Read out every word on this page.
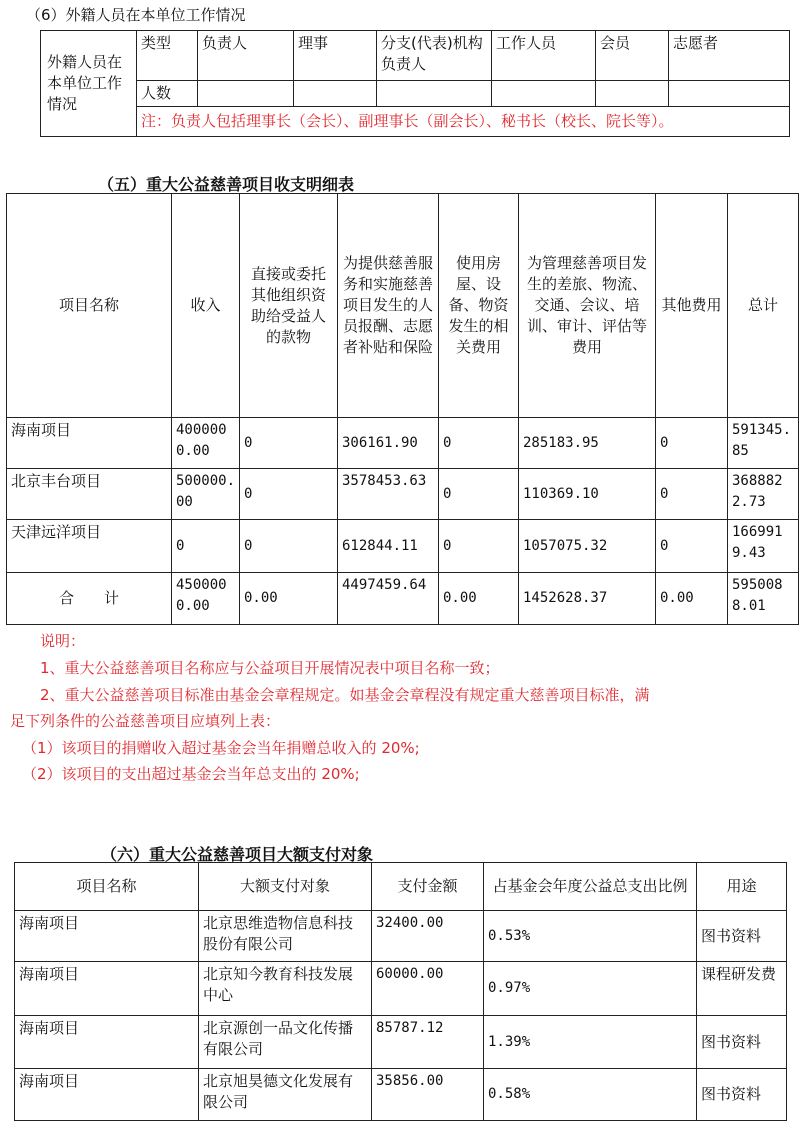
（6）外籍人员在本单位工作情况
外籍人员在本单位工作情况	类型	负责人	理事	分支(代表)机构负责人	工作人员	会员	志愿者
	人数						
	注：负责人包括理事长（会长）、副理事长（副会长）、秘书长（校长、院长等）。						
（五）重大公益慈善项目收支明细表
项目名称	收入	直接或委托其他组织资助给受益人的款物	为提供慈善服务和实施慈善项目发生的人员报酬、志愿者补贴和保险	使用房屋、设备、物资发生的相关费用	为管理慈善项目发生的差旅、物流、交通、会议、培训、审计、评估等费用	其他费用	总计
海南项目	4000000.00	0	306161.90	0	285183.95	0	591345.85
北京丰台项目	500000.00	0	3578453.63	0	110369.10	0	3688822.73
天津远洋项目	0	0	612844.11	0	1057075.32	0	1669919.43
合　　计	4500000.00	0.00	4497459.64	0.00	1452628.37	0.00	5950088.01
说明：
1、重大公益慈善项目名称应与公益项目开展情况表中项目名称一致；
2、重大公益慈善项目标准由基金会章程规定。如基金会章程没有规定重大慈善项目标准，满
足下列条件的公益慈善项目应填列上表：
（1）该项目的捐赠收入超过基金会当年捐赠总收入的 20%;
（2）该项目的支出超过基金会当年总支出的 20%;
（六）重大公益慈善项目大额支付对象
项目名称	大额支付对象	支付金额	占基金会年度公益总支出比例	用途
海南项目	北京思维造物信息科技股份有限公司	32400.00	0.53%	图书资料
海南项目	北京知今教育科技发展中心	60000.00	0.97%	课程研发费
海南项目	北京源创一品文化传播有限公司	85787.12	1.39%	图书资料
海南项目	北京旭昊德文化发展有限公司	35856.00	0.58%	图书资料
